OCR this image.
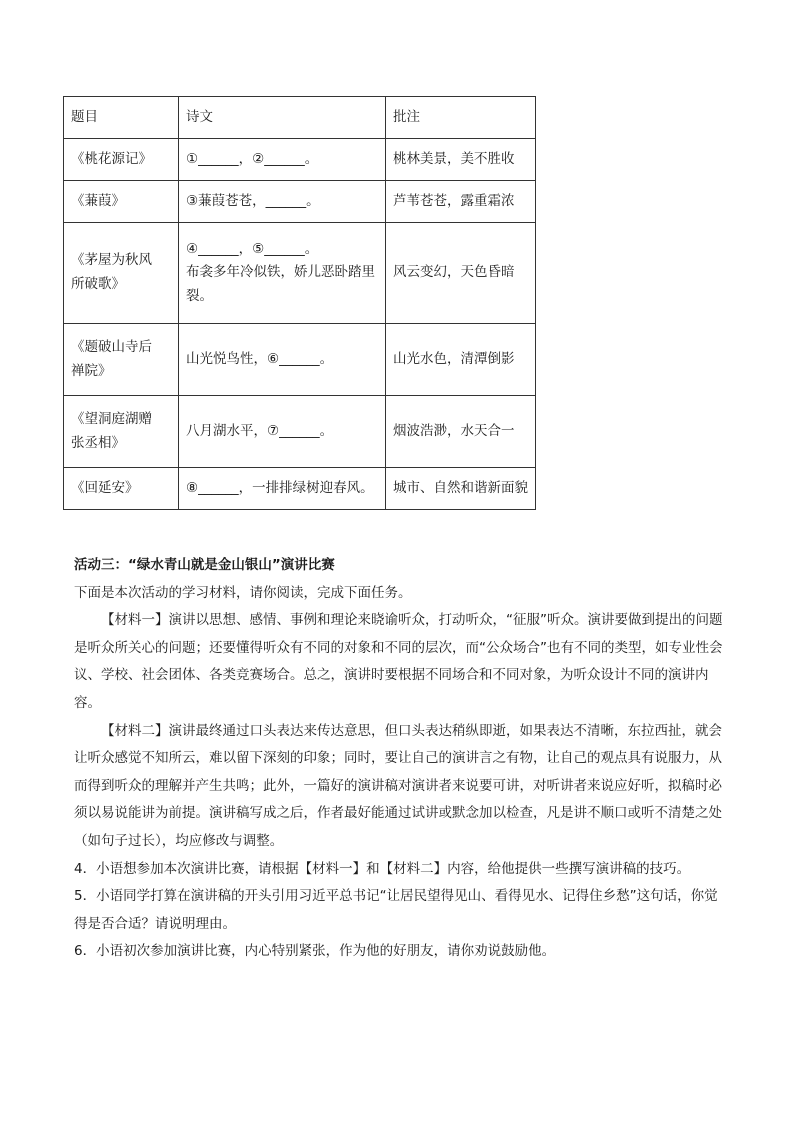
题目	诗文	批注

《桃花源记》	①______，②______。	桃林美景，美不胜收

《蒹葭》	③蒹葭苍苍，______。	芦苇苍苍，露重霜浓

《茅屋为秋风
所破歌》	④______，⑤______。
布衾多年冷似铁，娇儿恶卧踏里
裂。	风云变幻，天色昏暗

《题破山寺后
禅院》	山光悦鸟性，⑥______。	山光水色，清潭倒影

《望洞庭湖赠
张丞相》	八月湖水平，⑦______。	烟波浩渺，水天合一

《回延安》	⑧______，一排排绿树迎春风。	城市、自然和谐新面貌

活动三：“绿水青山就是金山银山”演讲比赛

下面是本次活动的学习材料，请你阅读，完成下面任务。

【材料一】演讲以思想、感情、事例和理论来晓谕听众，打动听众，“征服”听众。演讲要做到提出的问题是听众所关心的问题；还要懂得听众有不同的对象和不同的层次，而“公众场合”也有不同的类型，如专业性会议、学校、社会团体、各类竞赛场合。总之，演讲时要根据不同场合和不同对象，为听众设计不同的演讲内容。

【材料二】演讲最终通过口头表达来传达意思，但口头表达稍纵即逝，如果表达不清晰，东拉西扯，就会让听众感觉不知所云，难以留下深刻的印象；同时，要让自己的演讲言之有物，让自己的观点具有说服力，从而得到听众的理解并产生共鸣；此外，一篇好的演讲稿对演讲者来说要可讲，对听讲者来说应好听，拟稿时必须以易说能讲为前提。演讲稿写成之后，作者最好能通过试讲或默念加以检查，凡是讲不顺口或听不清楚之处（如句子过长），均应修改与调整。

4．小语想参加本次演讲比赛，请根据【材料一】和【材料二】内容，给他提供一些撰写演讲稿的技巧。

5．小语同学打算在演讲稿的开头引用习近平总书记“让居民望得见山、看得见水、记得住乡愁”这句话，你觉得是否合适？请说明理由。

6．小语初次参加演讲比赛，内心特别紧张，作为他的好朋友，请你劝说鼓励他。
